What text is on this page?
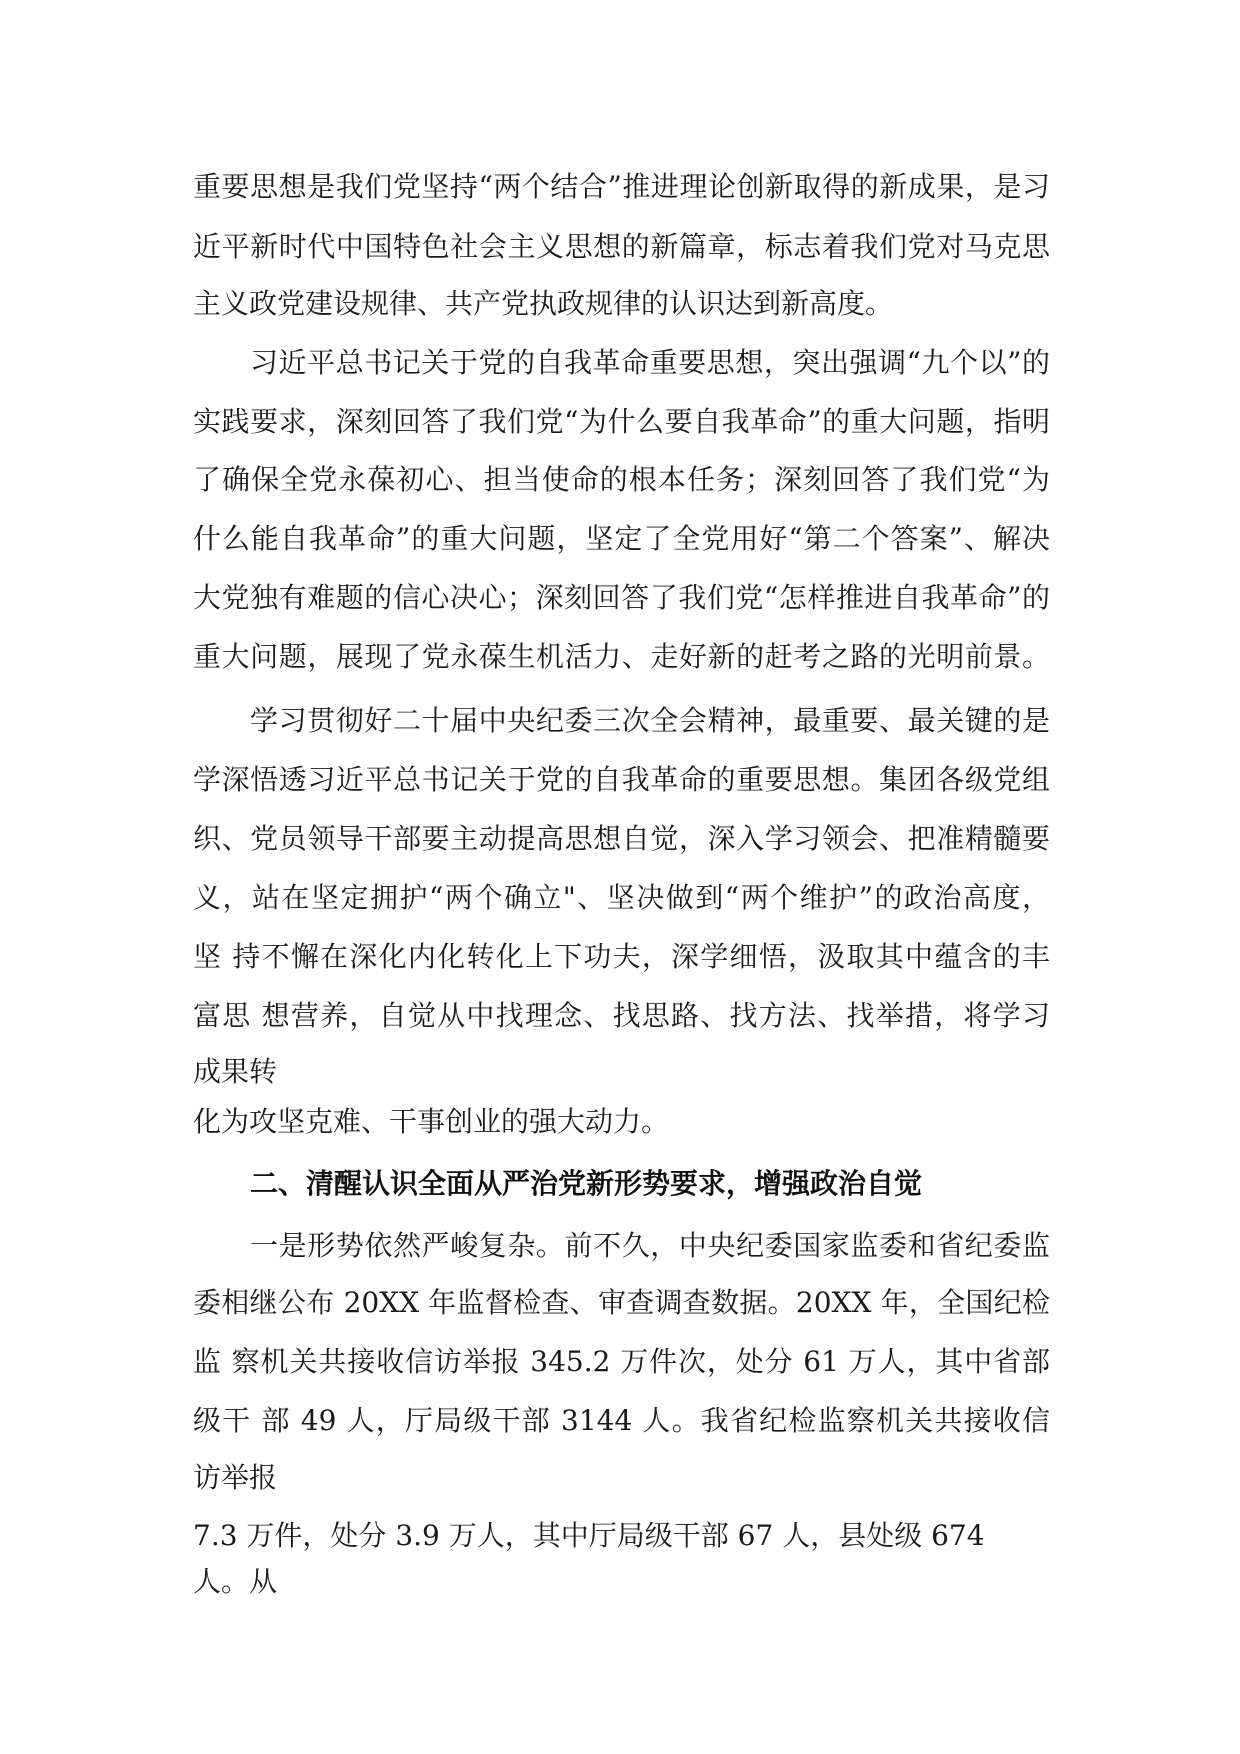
重要思想是我们党坚持“两个结合”推进理论创新取得的新成果，是习

近平新时代中国特色社会主义思想的新篇章，标志着我们党对马克思

主义政党建设规律、共产党执政规律的认识达到新高度。

习近平总书记关于党的自我革命重要思想，突出强调“九个以”的

实践要求，深刻回答了我们党“为什么要自我革命”的重大问题，指明

了确保全党永葆初心、担当使命的根本任务；深刻回答了我们党“为

什么能自我革命”的重大问题，坚定了全党用好“第二个答案”、解决

大党独有难题的信心决心；深刻回答了我们党“怎样推进自我革命”的

重大问题，展现了党永葆生机活力、走好新的赶考之路的光明前景。

学习贯彻好二十届中央纪委三次全会精神，最重要、最关键的是

学深悟透习近平总书记关于党的自我革命的重要思想。集团各级党组

织、党员领导干部要主动提高思想自觉，深入学习领会、把准精髓要

义，站在坚定拥护“两个确立"、坚决做到“两个维护”的政治高度，

坚 持不懈在深化内化转化上下功夫，深学细悟，汲取其中蕴含的丰

富思 想营养，自觉从中找理念、找思路、找方法、找举措，将学习

成果转

化为攻坚克难、干事创业的强大动力。

二、清醒认识全面从严治党新形势要求，增强政治自觉

一是形势依然严峻复杂。前不久，中央纪委国家监委和省纪委监

委相继公布 20XX 年监督检查、审查调查数据。20XX 年，全国纪检

监 察机关共接收信访举报 345.2 万件次，处分 61 万人，其中省部

级干 部 49 人，厅局级干部 3144 人。我省纪检监察机关共接收信

访举报

7.3 万件，处分 3.9 万人，其中厅局级干部 67 人，县处级 674

人。从
